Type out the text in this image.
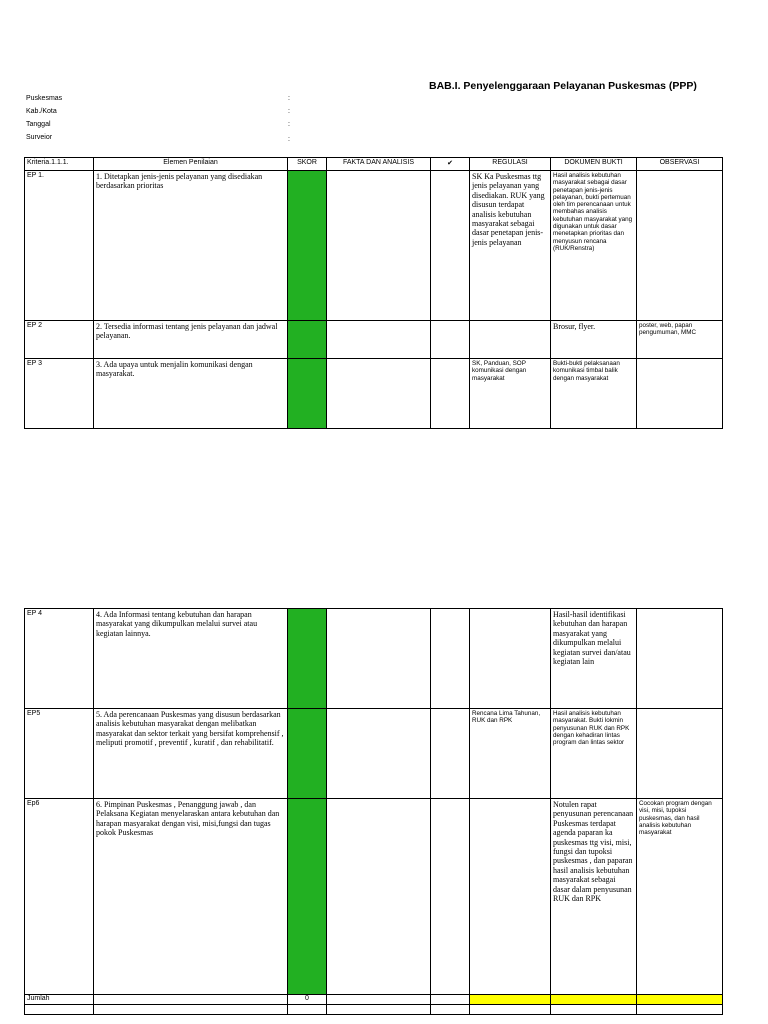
BAB.I. Penyelenggaraan Pelayanan Puskesmas (PPP)
Puskesmas	:
Kab./Kota	:
Tanggal	:
Surveior	:
Kriteria.1.1.1.	Elemen Penilaian	SKOR	FAKTA DAN ANALISIS	✔	REGULASI	DOKUMEN BUKTI	OBSERVASI
EP 1.	1. Ditetapkan jenis-jenis pelayanan yang disediakan berdasarkan prioritas				SK Ka Puskesmas ttg jenis pelayanan yang disediakan. RUK yang disusun terdapat analisis kebutuhan masyarakat sebagai dasar penetapan jenis-jenis pelayanan	Hasil analisis kebutuhan masyarakat sebagai dasar penetapan jenis-jenis pelayanan, bukti pertemuan oleh tim perencanaan untuk membahas analisis kebutuhan masyarakat yang digunakan untuk dasar menetapkan prioritas dan menyusun rencana (RUK/Renstra)	
EP 2	2. Tersedia informasi tentang jenis pelayanan dan jadwal pelayanan.					Brosur, flyer.	poster, web, papan pengumuman, MMC
EP 3	3. Ada upaya untuk menjalin komunikasi dengan masyarakat.				SK, Panduan, SOP komunikasi dengan masyarakat	Bukti-bukti pelaksanaan komunikasi timbal balik dengan masyarakat	
EP 4	4. Ada Informasi tentang kebutuhan dan harapan masyarakat yang dikumpulkan melalui survei atau kegiatan lainnya.					Hasil-hasil identifikasi kebutuhan dan harapan masyarakat yang dikumpulkan melalui kegiatan survei dan/atau kegiatan lain	
EP5	5. Ada perencanaan Puskesmas yang disusun berdasarkan analisis kebutuhan masyarakat dengan melibatkan masyarakat dan sektor terkait yang bersifat komprehensif , meliputi promotif , preventif , kuratif , dan rehabilitatif.				Rencana Lima Tahunan, RUK dan RPK	Hasil analisis kebutuhan masyarakat. Bukti lokmin penyusunan RUK dan RPK dengan kehadiran lintas program dan lintas sektor	
Ep6	6. Pimpinan Puskesmas , Penanggung jawab , dan Pelaksana Kegiatan menyelaraskan antara kebutuhan dan harapan masyarakat dengan visi, misi,fungsi dan tugas pokok Puskesmas					Notulen rapat penyusunan perencanaan Puskesmas terdapat agenda paparan ka puskesmas ttg visi, misi, fungsi dan tupoksi puskesmas , dan paparan hasil analisis kebutuhan masyarakat sebagai dasar dalam penyusunan RUK dan RPK	Cocokan program dengan visi, misi, tupoksi puskesmas, dan hasil analisis kebutuhan masyarakat
Jumlah		0					
